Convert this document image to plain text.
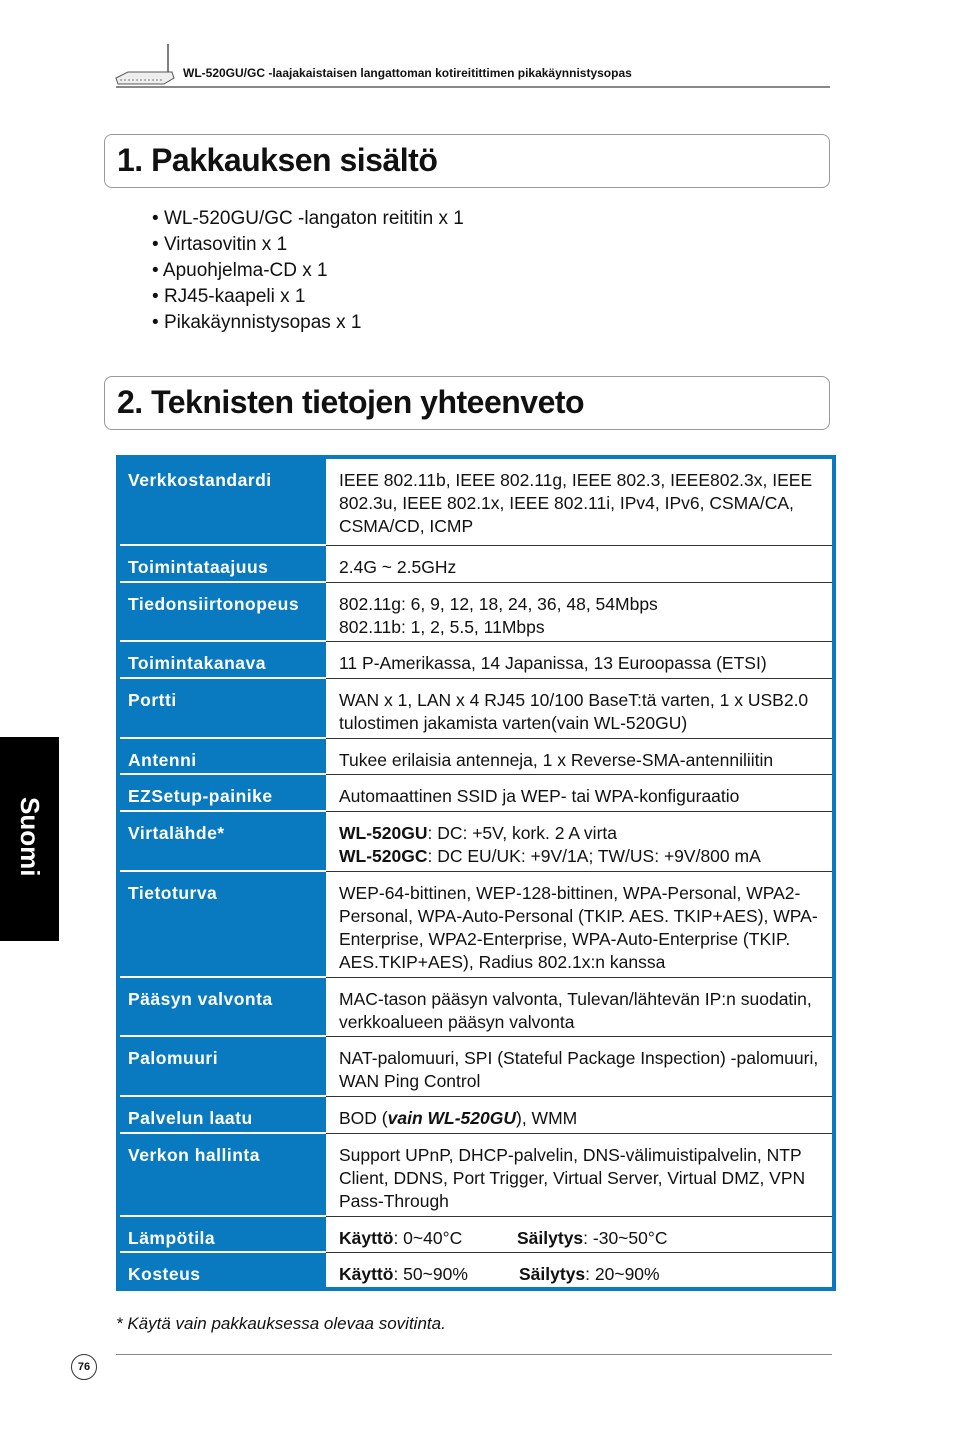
WL-520GU/GC -laajakaistaisen langattoman kotireitittimen pikakäynnistysopas
1. Pakkauksen sisältö
• WL-520GU/GC -langaton reititin x 1
• Virtasovitin x 1
• Apuohjelma-CD x 1
• RJ45-kaapeli x 1
• Pikakäynnistysopas x 1
2. Teknisten tietojen yhteenveto
Suomi
Verkkostandardi	IEEE 802.11b, IEEE 802.11g, IEEE 802.3, IEEE802.3x, IEEE 802.3u, IEEE 802.1x, IEEE 802.11i, IPv4, IPv6, CSMA/CA, CSMA/CD, ICMP
Toimintataajuus	2.4G ~ 2.5GHz
Tiedonsiirtonopeus	802.11g: 6, 9, 12, 18, 24, 36, 48, 54Mbps
802.11b: 1, 2, 5.5, 11Mbps

Toimintakanava	11 P-Amerikassa, 14 Japanissa, 13 Euroopassa (ETSI)
Portti	WAN x 1, LAN x 4 RJ45 10/100 BaseT:tä varten, 1 x USB2.0 tulostimen jakamista varten(vain WL-520GU)
Antenni	Tukee erilaisia antenneja, 1 x Reverse-SMA-antenniliitin
EZSetup-painike	Automaattinen SSID ja WEP- tai WPA-konfiguraatio
Virtalähde*	WL-520GU: DC: +5V, kork. 2 A virta
WL-520GC: DC EU/UK: +9V/1A; TW/US: +9V/800 mA

Tietoturva	WEP-64-bittinen, WEP-128-bittinen, WPA-Personal, WPA2-Personal, WPA-Auto-Personal (TKIP. AES. TKIP+AES), WPA-Enterprise, WPA2-Enterprise, WPA-Auto-Enterprise (TKIP. AES.TKIP+AES), Radius 802.1x:n kanssa
Pääsyn valvonta	MAC-tason pääsyn valvonta, Tulevan/lähtevän IP:n suodatin, verkkoalueen pääsyn valvonta
Palomuuri	NAT-palomuuri, SPI (Stateful Package Inspection) -palomuuri, WAN Ping Control
Palvelun laatu	BOD (vain WL-520GU), WMM
Verkon hallinta	Support UPnP, DHCP-palvelin, DNS-välimuistipalvelin, NTP Client, DDNS, Port Trigger, Virtual Server, Virtual DMZ, VPN Pass-Through
Lämpötila	Käyttö: 0~40°C Säilytys: -30~50°C
Kosteus	Käyttö: 50~90% Säilytys: 20~90%
* Käytä vain pakkauksessa olevaa sovitinta.
76
